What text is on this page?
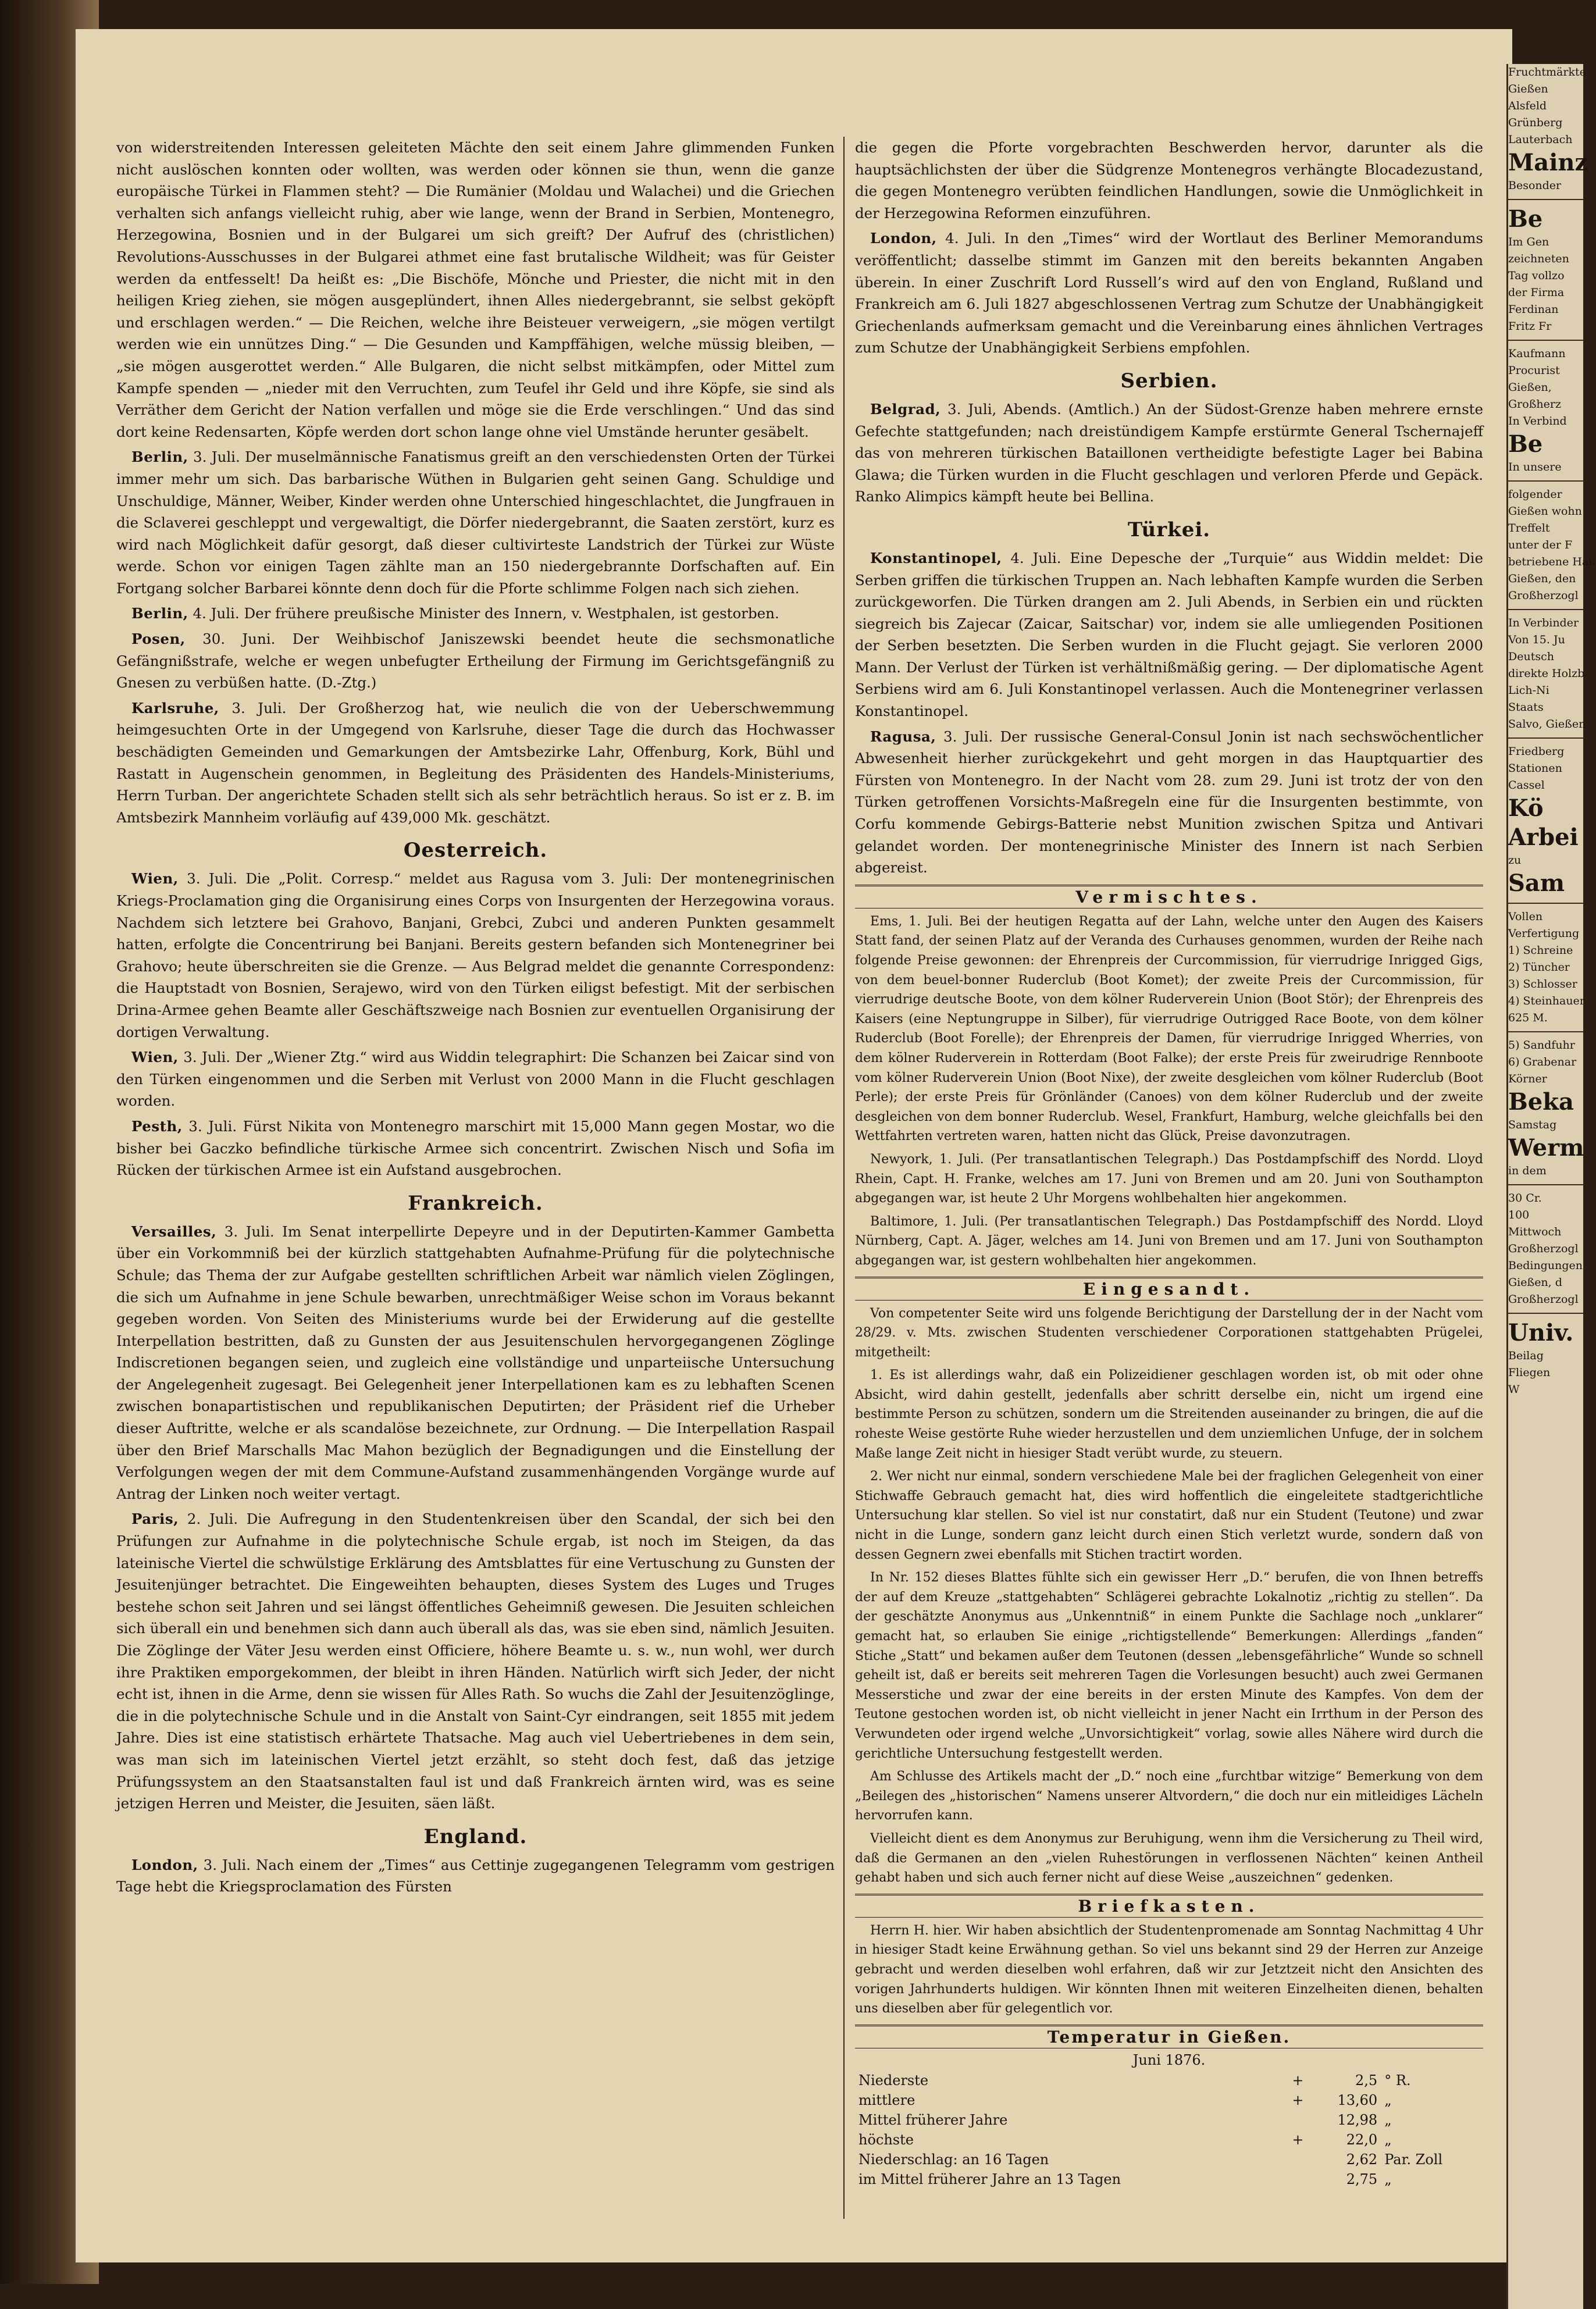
von widerstreitenden Interessen geleiteten Mächte den seit einem Jahre glimmenden Funken nicht auslöschen konnten oder wollten, was werden oder können sie thun, wenn die ganze europäische Türkei in Flammen steht? — Die Rumänier (Moldau und Walachei) und die Griechen verhalten sich anfangs vielleicht ruhig, aber wie lange, wenn der Brand in Serbien, Montenegro, Herzegowina, Bosnien und in der Bulgarei um sich greift? Der Aufruf des (christlichen) Revolutions-Ausschusses in der Bulgarei athmet eine fast brutalische Wildheit; was für Geister werden da entfesselt! Da heißt es: „Die Bischöfe, Mönche und Priester, die nicht mit in den heiligen Krieg ziehen, sie mögen ausgeplündert, ihnen Alles niedergebrannt, sie selbst geköpft und erschlagen werden.“ — Die Reichen, welche ihre Beisteuer verweigern, „sie mögen vertilgt werden wie ein unnützes Ding.“ — Die Gesunden und Kampffähigen, welche müssig bleiben, — „sie mögen ausgerottet werden.“ Alle Bulgaren, die nicht selbst mitkämpfen, oder Mittel zum Kampfe spenden — „nieder mit den Verruchten, zum Teufel ihr Geld und ihre Köpfe, sie sind als Verräther dem Gericht der Nation verfallen und möge sie die Erde verschlingen.“ Und das sind dort keine Redensarten, Köpfe werden dort schon lange ohne viel Umstände herunter gesäbelt.

Berlin, 3. Juli. Der muselmännische Fanatismus greift an den verschiedensten Orten der Türkei immer mehr um sich. Das barbarische Wüthen in Bulgarien geht seinen Gang. Schuldige und Unschuldige, Männer, Weiber, Kinder werden ohne Unterschied hingeschlachtet, die Jungfrauen in die Sclaverei geschleppt und vergewaltigt, die Dörfer niedergebrannt, die Saaten zerstört, kurz es wird nach Möglichkeit dafür gesorgt, daß dieser cultivirteste Landstrich der Türkei zur Wüste werde. Schon vor einigen Tagen zählte man an 150 niedergebrannte Dorfschaften auf. Ein Fortgang solcher Barbarei könnte denn doch für die Pforte schlimme Folgen nach sich ziehen.

Berlin, 4. Juli. Der frühere preußische Minister des Innern, v. Westphalen, ist gestorben.

Posen, 30. Juni. Der Weihbischof Janiszewski beendet heute die sechsmonatliche Gefängnißstrafe, welche er wegen unbefugter Ertheilung der Firmung im Gerichtsgefängniß zu Gnesen zu verbüßen hatte. (D.-Ztg.)

Karlsruhe, 3. Juli. Der Großherzog hat, wie neulich die von der Ueberschwemmung heimgesuchten Orte in der Umgegend von Karlsruhe, dieser Tage die durch das Hochwasser beschädigten Gemeinden und Gemarkungen der Amtsbezirke Lahr, Offenburg, Kork, Bühl und Rastatt in Augenschein genommen, in Begleitung des Präsidenten des Handels-Ministeriums, Herrn Turban. Der angerichtete Schaden stellt sich als sehr beträchtlich heraus. So ist er z. B. im Amtsbezirk Mannheim vorläufig auf 439,000 Mk. geschätzt.

Oesterreich.

Wien, 3. Juli. Die „Polit. Corresp.“ meldet aus Ragusa vom 3. Juli: Der montenegrinischen Kriegs-Proclamation ging die Organisirung eines Corps von Insurgenten der Herzegowina voraus. Nachdem sich letztere bei Grahovo, Banjani, Grebci, Zubci und anderen Punkten gesammelt hatten, erfolgte die Concentrirung bei Banjani. Bereits gestern befanden sich Montenegriner bei Grahovo; heute überschreiten sie die Grenze. — Aus Belgrad meldet die genannte Correspondenz: die Hauptstadt von Bosnien, Serajewo, wird von den Türken eiligst befestigt. Mit der serbischen Drina-Armee gehen Beamte aller Geschäftszweige nach Bosnien zur eventuellen Organisirung der dortigen Verwaltung.

Wien, 3. Juli. Der „Wiener Ztg.“ wird aus Widdin telegraphirt: Die Schanzen bei Zaicar sind von den Türken eingenommen und die Serben mit Verlust von 2000 Mann in die Flucht geschlagen worden.

Pesth, 3. Juli. Fürst Nikita von Montenegro marschirt mit 15,000 Mann gegen Mostar, wo die bisher bei Gaczko befindliche türkische Armee sich concentrirt. Zwischen Nisch und Sofia im Rücken der türkischen Armee ist ein Aufstand ausgebrochen.

Frankreich.

Versailles, 3. Juli. Im Senat interpellirte Depeyre und in der Deputirten-Kammer Gambetta über ein Vorkommniß bei der kürzlich stattgehabten Aufnahme-Prüfung für die polytechnische Schule; das Thema der zur Aufgabe gestellten schriftlichen Arbeit war nämlich vielen Zöglingen, die sich um Aufnahme in jene Schule bewarben, unrechtmäßiger Weise schon im Voraus bekannt gegeben worden. Von Seiten des Ministeriums wurde bei der Erwiderung auf die gestellte Interpellation bestritten, daß zu Gunsten der aus Jesuitenschulen hervorgegangenen Zöglinge Indiscretionen begangen seien, und zugleich eine vollständige und unparteiische Untersuchung der Angelegenheit zugesagt. Bei Gelegenheit jener Interpellationen kam es zu lebhaften Scenen zwischen bonapartistischen und republikanischen Deputirten; der Präsident rief die Urheber dieser Auftritte, welche er als scandalöse bezeichnete, zur Ordnung. — Die Interpellation Raspail über den Brief Marschalls Mac Mahon bezüglich der Begnadigungen und die Einstellung der Verfolgungen wegen der mit dem Commune-Aufstand zusammenhängenden Vorgänge wurde auf Antrag der Linken noch weiter vertagt.

Paris, 2. Juli. Die Aufregung in den Studentenkreisen über den Scandal, der sich bei den Prüfungen zur Aufnahme in die polytechnische Schule ergab, ist noch im Steigen, da das lateinische Viertel die schwülstige Erklärung des Amtsblattes für eine Vertuschung zu Gunsten der Jesuitenjünger betrachtet. Die Eingeweihten behaupten, dieses System des Luges und Truges bestehe schon seit Jahren und sei längst öffentliches Geheimniß gewesen. Die Jesuiten schleichen sich überall ein und benehmen sich dann auch überall als das, was sie eben sind, nämlich Jesuiten. Die Zöglinge der Väter Jesu werden einst Officiere, höhere Beamte u. s. w., nun wohl, wer durch ihre Praktiken emporgekommen, der bleibt in ihren Händen. Natürlich wirft sich Jeder, der nicht echt ist, ihnen in die Arme, denn sie wissen für Alles Rath. So wuchs die Zahl der Jesuitenzöglinge, die in die polytechnische Schule und in die Anstalt von Saint-Cyr eindrangen, seit 1855 mit jedem Jahre. Dies ist eine statistisch erhärtete Thatsache. Mag auch viel Uebertriebenes in dem sein, was man sich im lateinischen Viertel jetzt erzählt, so steht doch fest, daß das jetzige Prüfungssystem an den Staatsanstalten faul ist und daß Frankreich ärnten wird, was es seine jetzigen Herren und Meister, die Jesuiten, säen läßt.

England.

London, 3. Juli. Nach einem der „Times“ aus Cettinje zugegangenen Telegramm vom gestrigen Tage hebt die Kriegsproclamation des Fürsten

die gegen die Pforte vorgebrachten Beschwerden hervor, darunter als die hauptsächlichsten der über die Südgrenze Montenegros verhängte Blocadezustand, die gegen Montenegro verübten feindlichen Handlungen, sowie die Unmöglichkeit in der Herzegowina Reformen einzuführen.

London, 4. Juli. In den „Times“ wird der Wortlaut des Berliner Memorandums veröffentlicht; dasselbe stimmt im Ganzen mit den bereits bekannten Angaben überein. In einer Zuschrift Lord Russell’s wird auf den von England, Rußland und Frankreich am 6. Juli 1827 abgeschlossenen Vertrag zum Schutze der Unabhängigkeit Griechenlands aufmerksam gemacht und die Vereinbarung eines ähnlichen Vertrages zum Schutze der Unabhängigkeit Serbiens empfohlen.

Serbien.

Belgrad, 3. Juli, Abends. (Amtlich.) An der Südost-Grenze haben mehrere ernste Gefechte stattgefunden; nach dreistündigem Kampfe erstürmte General Tschernajeff das von mehreren türkischen Bataillonen vertheidigte befestigte Lager bei Babina Glawa; die Türken wurden in die Flucht geschlagen und verloren Pferde und Gepäck. Ranko Alimpics kämpft heute bei Bellina.

Türkei.

Konstantinopel, 4. Juli. Eine Depesche der „Turquie“ aus Widdin meldet: Die Serben griffen die türkischen Truppen an. Nach lebhaften Kampfe wurden die Serben zurückgeworfen. Die Türken drangen am 2. Juli Abends, in Serbien ein und rückten siegreich bis Zajecar (Zaicar, Saitschar) vor, indem sie alle umliegenden Positionen der Serben besetzten. Die Serben wurden in die Flucht gejagt. Sie verloren 2000 Mann. Der Verlust der Türken ist verhältnißmäßig gering. — Der diplomatische Agent Serbiens wird am 6. Juli Konstantinopel verlassen. Auch die Montenegriner verlassen Konstantinopel.

Ragusa, 3. Juli. Der russische General-Consul Jonin ist nach sechswöchentlicher Abwesenheit hierher zurückgekehrt und geht morgen in das Hauptquartier des Fürsten von Montenegro. In der Nacht vom 28. zum 29. Juni ist trotz der von den Türken getroffenen Vorsichts-Maßregeln eine für die Insurgenten bestimmte, von Corfu kommende Gebirgs-Batterie nebst Munition zwischen Spitza und Antivari gelandet worden. Der montenegrinische Minister des Innern ist nach Serbien abgereist.

Vermischtes.

Ems, 1. Juli. Bei der heutigen Regatta auf der Lahn, welche unter den Augen des Kaisers Statt fand, der seinen Platz auf der Veranda des Curhauses genommen, wurden der Reihe nach folgende Preise gewonnen: der Ehrenpreis der Curcommission, für vierrudrige Inrigged Gigs, von dem beuel-bonner Ruderclub (Boot Komet); der zweite Preis der Curcommission, für vierrudrige deutsche Boote, von dem kölner Ruderverein Union (Boot Stör); der Ehrenpreis des Kaisers (eine Neptungruppe in Silber), für vierrudrige Outrigged Race Boote, von dem kölner Ruderclub (Boot Forelle); der Ehrenpreis der Damen, für vierrudrige Inrigged Wherries, von dem kölner Ruderverein in Rotterdam (Boot Falke); der erste Preis für zweirudrige Rennboote vom kölner Ruderverein Union (Boot Nixe), der zweite desgleichen vom kölner Ruderclub (Boot Perle); der erste Preis für Grönländer (Canoes) von dem kölner Ruderclub und der zweite desgleichen von dem bonner Ruderclub. Wesel, Frankfurt, Hamburg, welche gleichfalls bei den Wettfahrten vertreten waren, hatten nicht das Glück, Preise davonzutragen.

Newyork, 1. Juli. (Per transatlantischen Telegraph.) Das Postdampfschiff des Nordd. Lloyd Rhein, Capt. H. Franke, welches am 17. Juni von Bremen und am 20. Juni von Southampton abgegangen war, ist heute 2 Uhr Morgens wohlbehalten hier angekommen.

Baltimore, 1. Juli. (Per transatlantischen Telegraph.) Das Postdampfschiff des Nordd. Lloyd Nürnberg, Capt. A. Jäger, welches am 14. Juni von Bremen und am 17. Juni von Southampton abgegangen war, ist gestern wohlbehalten hier angekommen.

Eingesandt.

Von competenter Seite wird uns folgende Berichtigung der Darstellung der in der Nacht vom 28/29. v. Mts. zwischen Studenten verschiedener Corporationen stattgehabten Prügelei, mitgetheilt:

1. Es ist allerdings wahr, daß ein Polizeidiener geschlagen worden ist, ob mit oder ohne Absicht, wird dahin gestellt, jedenfalls aber schritt derselbe ein, nicht um irgend eine bestimmte Person zu schützen, sondern um die Streitenden auseinander zu bringen, die auf die roheste Weise gestörte Ruhe wieder herzustellen und dem unziemlichen Unfuge, der in solchem Maße lange Zeit nicht in hiesiger Stadt verübt wurde, zu steuern.

2. Wer nicht nur einmal, sondern verschiedene Male bei der fraglichen Gelegenheit von einer Stichwaffe Gebrauch gemacht hat, dies wird hoffentlich die eingeleitete stadtgerichtliche Untersuchung klar stellen. So viel ist nur constatirt, daß nur ein Student (Teutone) und zwar nicht in die Lunge, sondern ganz leicht durch einen Stich verletzt wurde, sondern daß von dessen Gegnern zwei ebenfalls mit Stichen tractirt worden.

In Nr. 152 dieses Blattes fühlte sich ein gewisser Herr „D.“ berufen, die von Ihnen betreffs der auf dem Kreuze „stattgehabten“ Schlägerei gebrachte Lokalnotiz „richtig zu stellen“. Da der geschätzte Anonymus aus „Unkenntniß“ in einem Punkte die Sachlage noch „unklarer“ gemacht hat, so erlauben Sie einige „richtigstellende“ Bemerkungen: Allerdings „fanden“ Stiche „Statt“ und bekamen außer dem Teutonen (dessen „lebensgefährliche“ Wunde so schnell geheilt ist, daß er bereits seit mehreren Tagen die Vorlesungen besucht) auch zwei Germanen Messerstiche und zwar der eine bereits in der ersten Minute des Kampfes. Von dem der Teutone gestochen worden ist, ob nicht vielleicht in jener Nacht ein Irrthum in der Person des Verwundeten oder irgend welche „Unvorsichtigkeit“ vorlag, sowie alles Nähere wird durch die gerichtliche Untersuchung festgestellt werden.

Am Schlusse des Artikels macht der „D.“ noch eine „furchtbar witzige“ Bemerkung von dem „Beilegen des „historischen“ Namens unserer Altvordern,“ die doch nur ein mitleidiges Lächeln hervorrufen kann.

Vielleicht dient es dem Anonymus zur Beruhigung, wenn ihm die Versicherung zu Theil wird, daß die Germanen an den „vielen Ruhestörungen in verflossenen Nächten“ keinen Antheil gehabt haben und sich auch ferner nicht auf diese Weise „auszeichnen“ gedenken.

Briefkasten.

Herrn H. hier. Wir haben absichtlich der Studentenpromenade am Sonntag Nachmittag 4 Uhr in hiesiger Stadt keine Erwähnung gethan. So viel uns bekannt sind 29 der Herren zur Anzeige gebracht und werden dieselben wohl erfahren, daß wir zur Jetztzeit nicht den Ansichten des vorigen Jahrhunderts huldigen. Wir könnten Ihnen mit weiteren Einzelheiten dienen, behalten uns dieselben aber für gelegentlich vor.

Temperatur in Gießen.
Juni 1876.
Niederste	+	2,5	° R.
mittlere	+	13,60	„
Mittel früherer Jahre		12,98	„
höchste	+	22,0	„
Niederschlag: an 16 Tagen		2,62	Par. Zoll
im Mittel früherer Jahre an 13 Tagen		2,75	„
Fruchtmärkte
Gießen
Alsfeld
Grünberg
Lauterbach
Mainz
Besonder
Be
Im Gen
zeichneten
Tag vollzo
der Firma
Ferdinan
Fritz Fr
Kaufmann
Procurist
Gießen,
Großherz
In Verbind
Be
In unsere
folgender
Gießen wohn
Treffelt
unter der F
betriebene Han
Gießen, den
Großherzogl
In Verbinder
Von 15. Ju
Deutsch
direkte Holzb
Lich-Ni
Staats
Salvo, Gießen
Friedberg
Stationen
Cassel
Kö
Arbei
zu
Sam
Vollen
Verfertigung
1) Schreine
2) Tüncher
3) Schlosser
4) Steinhauer
625 M.
5) Sandfuhr
6) Grabenar
Körner
Beka
Samstag
Werm
in dem
30 Cr.
100
Mittwoch
Großherzogl
Bedingungen
Gießen, d
Großherzogl
Univ.
Beilag
Fliegen
W
